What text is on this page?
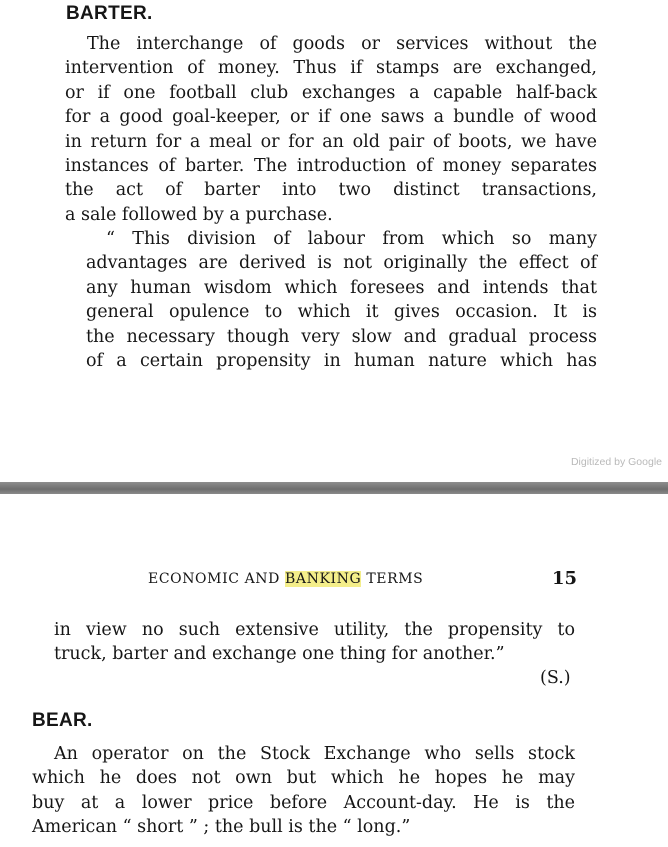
BARTER.
The interchange of goods or services without the
intervention of money. Thus if stamps are exchanged,
or if one football club exchanges a capable half-back
for a good goal-keeper, or if one saws a bundle of wood
in return for a meal or for an old pair of boots, we have
instances of barter. The introduction of money separates
the act of barter into two distinct transactions,
a sale followed by a purchase.
“ This division of labour from which so many
advantages are derived is not originally the effect of
any human wisdom which foresees and intends that
general opulence to which it gives occasion. It is
the necessary though very slow and gradual process
of a certain propensity in human nature which has
Digitized by Google
ECONOMIC AND BANKING TERMS	15
in view no such extensive utility, the propensity to
truck, barter and exchange one thing for another.”
(S.)
BEAR.
An operator on the Stock Exchange who sells stock
which he does not own but which he hopes he may
buy at a lower price before Account-day. He is the
American “ short ” ; the bull is the “ long.”
